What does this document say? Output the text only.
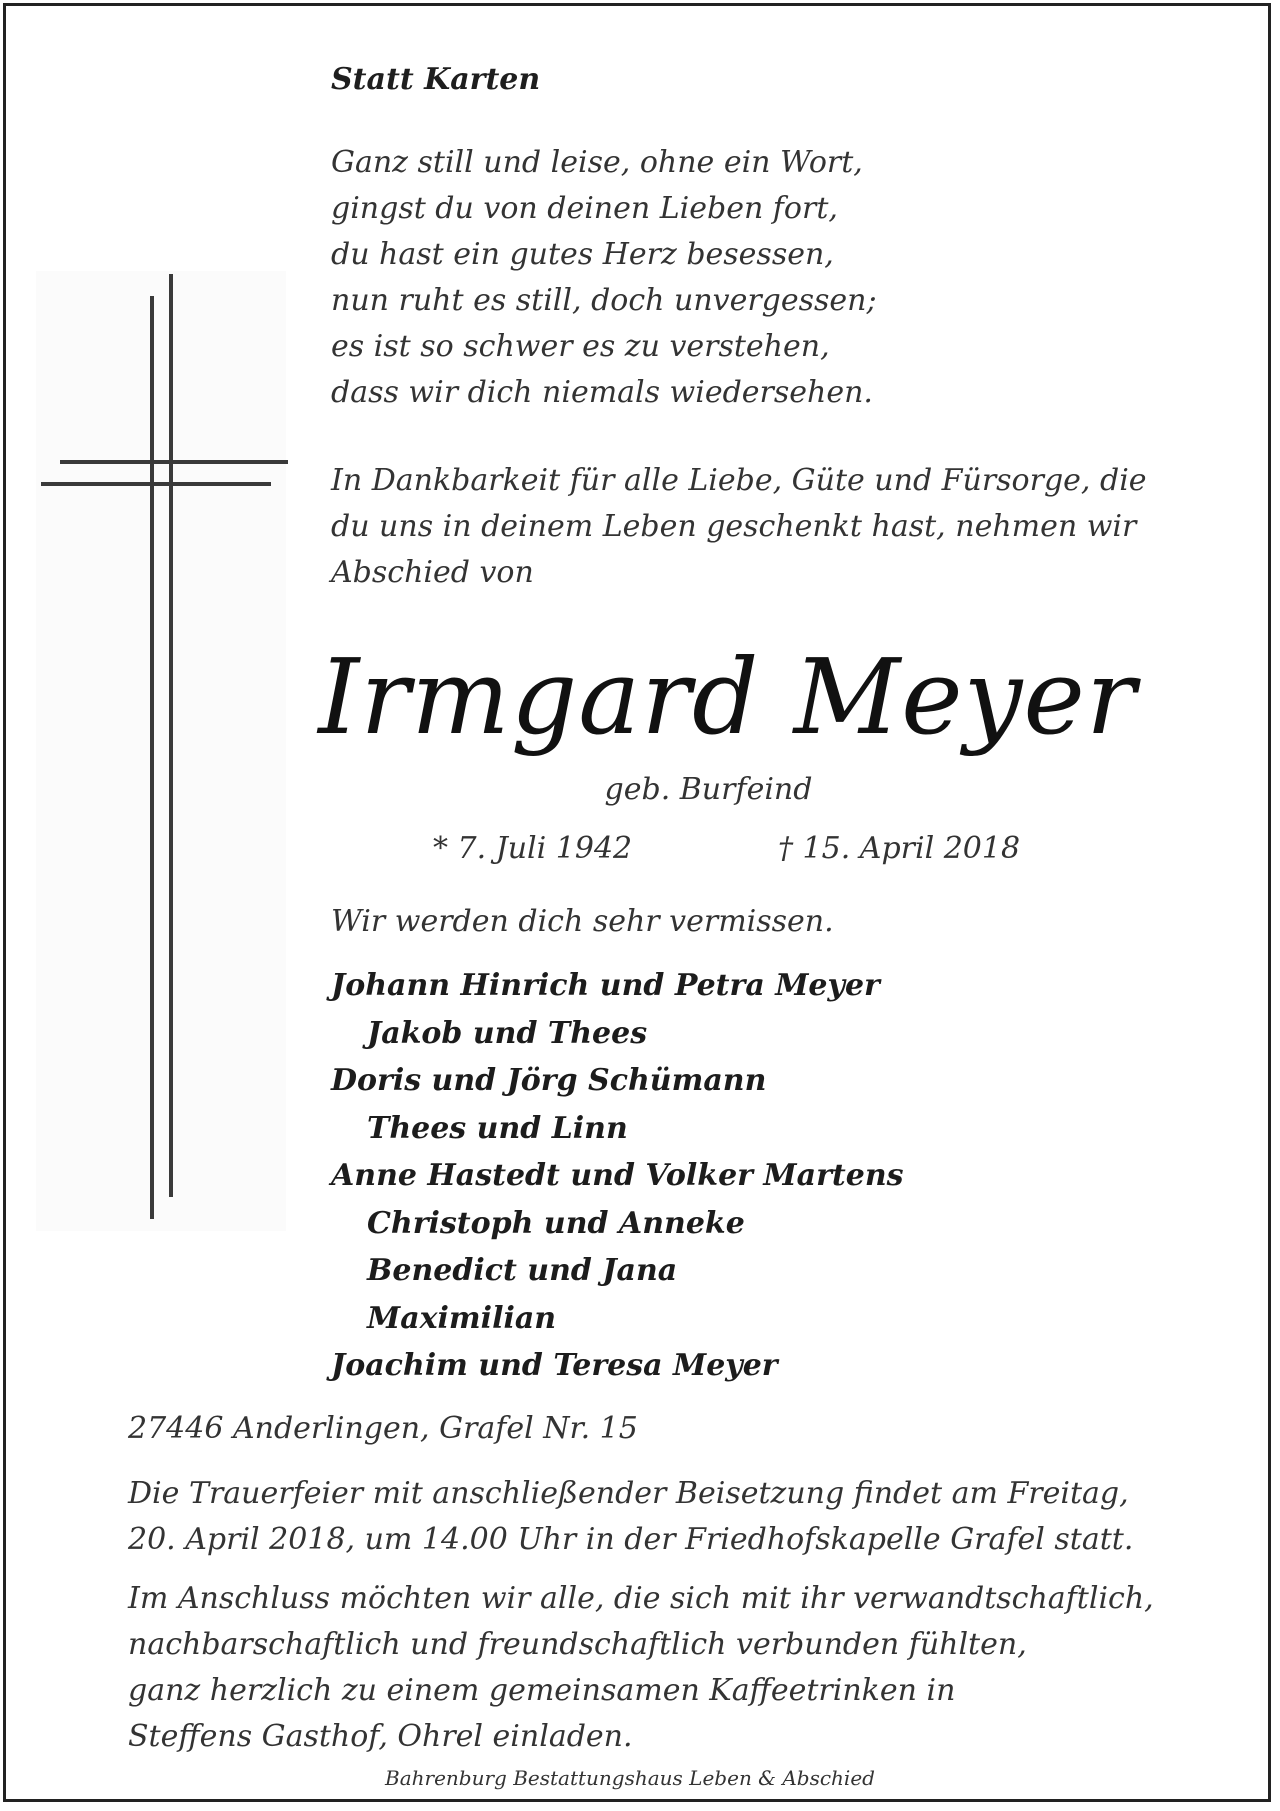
Statt Karten
Ganz still und leise, ohne ein Wort,
gingst du von deinen Lieben fort,
du hast ein gutes Herz besessen,
nun ruht es still, doch unvergessen;
es ist so schwer es zu verstehen,
dass wir dich niemals wiedersehen.
In Dankbarkeit für alle Liebe, Güte und Fürsorge, die
du uns in deinem Leben geschenkt hast, nehmen wir
Abschied von
Irmgard Meyer
geb. Burfeind
* 7. Juli 1942	† 15. April 2018
Wir werden dich sehr vermissen.
Johann Hinrich und Petra Meyer
Jakob und Thees
Doris und Jörg Schümann
Thees und Linn
Anne Hastedt und Volker Martens
Christoph und Anneke
Benedict und Jana
Maximilian
Joachim und Teresa Meyer
27446 Anderlingen, Grafel Nr. 15
Die Trauerfeier mit anschließender Beisetzung findet am Freitag,
20. April 2018, um 14.00 Uhr in der Friedhofskapelle Grafel statt.
Im Anschluss möchten wir alle, die sich mit ihr verwandtschaftlich,
nachbarschaftlich und freundschaftlich verbunden fühlten,
ganz herzlich zu einem gemeinsamen Kaffeetrinken in
Steffens Gasthof, Ohrel einladen.
Bahrenburg Bestattungshaus Leben & Abschied
